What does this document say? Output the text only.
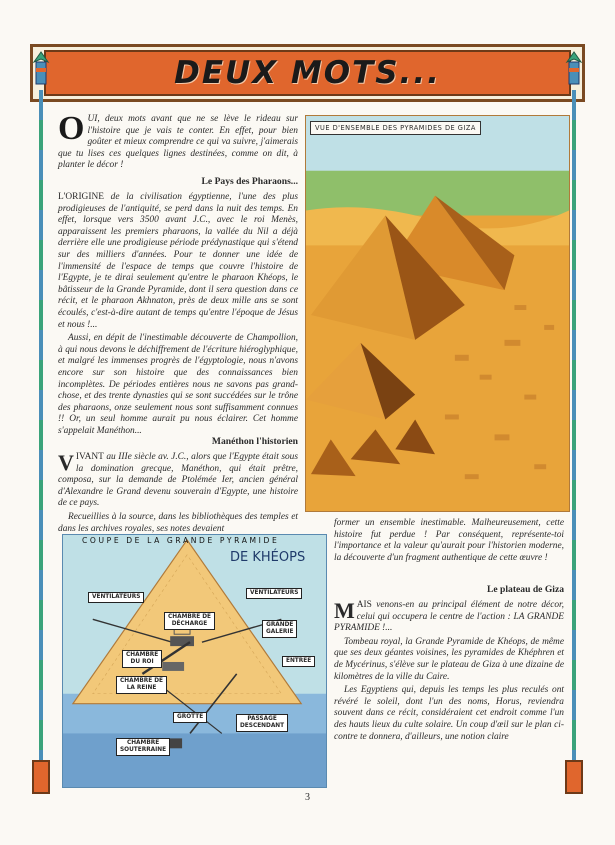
DEUX MOTS...

OUI, deux mots avant que ne se lève le rideau sur l'histoire que je vais te conter. En effet, pour bien goûter et mieux comprendre ce qui va suivre, j'aimerais que tu lises ces quelques lignes destinées, comme on dit, à planter le décor !

Le Pays des Pharaons...

L'ORIGINE de la civilisation égyptienne, l'une des plus prodigieuses de l'antiquité, se perd dans la nuit des temps. En effet, lorsque vers 3500 avant J.C., avec le roi Menès, apparaissent les premiers pharaons, la vallée du Nil a déjà derrière elle une prodigieuse période prédynastique qui s'étend sur des milliers d'années. Pour te donner une idée de l'immensité de l'espace de temps que couvre l'histoire de l'Egypte, je te dirai seulement qu'entre le pharaon Khéops, le bâtisseur de la Grande Pyramide, dont il sera question dans ce récit, et le pharaon Akhnaton, près de deux mille ans se sont écoulés, c'est-à-dire autant de temps qu'entre l'époque de Jésus et nous !...

Aussi, en dépit de l'inestimable découverte de Champollion, à qui nous devons le déchiffrement de l'écriture hiéroglyphique, et malgré les immenses progrès de l'égyptologie, nous n'avons encore sur son histoire que des connaissances bien incomplètes. De périodes entières nous ne savons pas grand-chose, et des trente dynasties qui se sont succédées sur le trône des pharaons, onze seulement nous sont suffisamment connues !! Or, un seul homme aurait pu nous éclairer. Cet homme s'appelait Manéthon...

Manéthon l'historien

VIVANT au IIIe siècle av. J.C., alors que l'Egypte était sous la domination grecque, Manéthon, qui était prêtre, composa, sur la demande de Ptolémée Ier, ancien général d'Alexandre le Grand devenu souverain d'Egypte, une histoire de ce pays.

Recueillies à la source, dans les bibliothèques des temples et dans les archives royales, ses notes devaient

former un ensemble inestimable. Malheureusement, cette histoire fut perdue ! Par conséquent, représente-toi l'importance et la valeur qu'aurait pour l'historien moderne, la découverte d'un fragment authentique de cette œuvre !

Le plateau de Giza

MAIS venons-en au principal élément de notre décor, celui qui occupera le centre de l'action : LA GRANDE PYRAMIDE !...

Tombeau royal, la Grande Pyramide de Khéops, de même que ses deux géantes voisines, les pyramides de Khéphren et de Mycérinus, s'élève sur le plateau de Giza à une dizaine de kilomètres de la ville du Caire.

Les Egyptiens qui, depuis les temps les plus reculés ont révéré le soleil, dont l'un des noms, Horus, reviendra souvent dans ce récit, considéraient cet endroit comme l'un des hauts lieux du culte solaire. Un coup d'œil sur le plan ci-contre te donnera, d'ailleurs, une notion claire

VUE D'ENSEMBLE DES PYRAMIDES DE GIZA
COUPE DE LA GRANDE PYRAMIDE
DE KHÉOPS
VENTILATEURS
VENTILATEURS
CHAMBRE DE
DÉCHARGE	GRANDE
GALERIE
CHAMBRE
DU ROI
CHAMBRE DE
LA REINE
ENTRÉE
GROTTE
CHAMBRE
SOUTERRAINE
PASSAGE
DESCENDANT
3
